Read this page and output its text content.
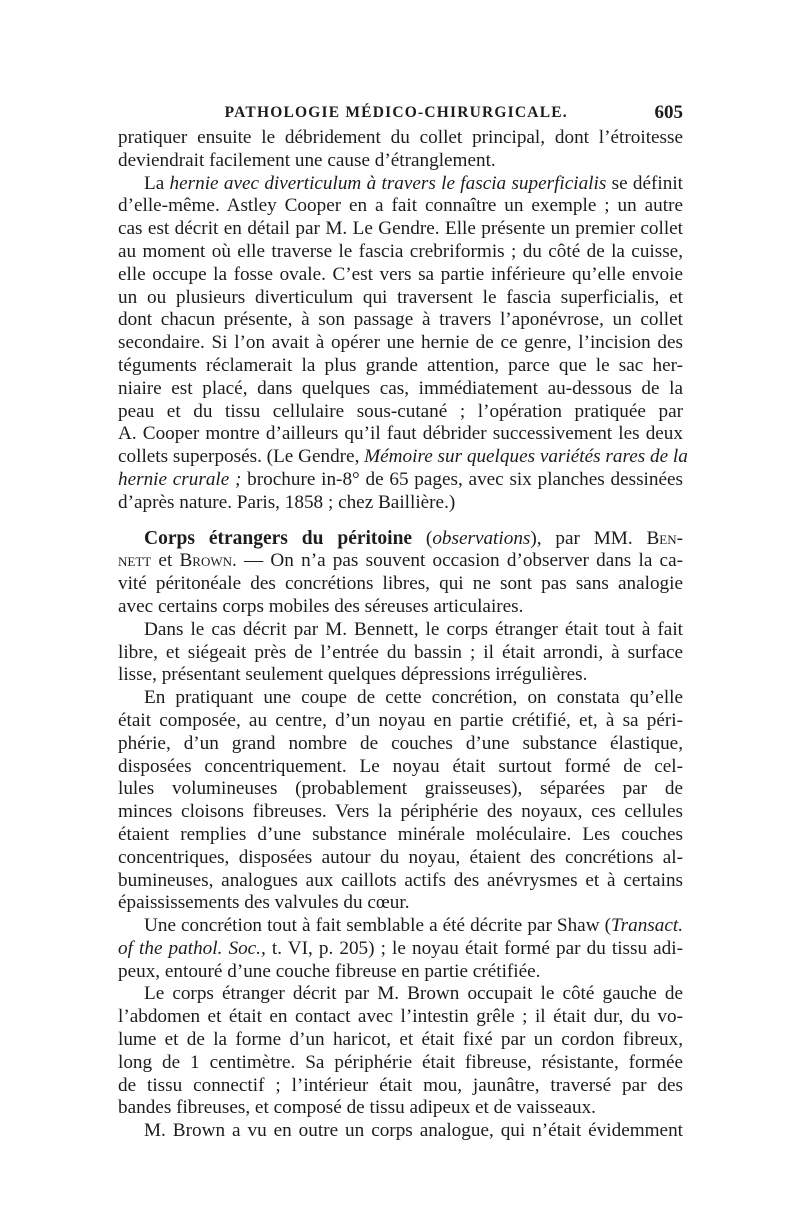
PATHOLOGIE MÉDICO-CHIRURGICALE.	605
pratiquer ensuite le débridement du collet principal, dont l’étroitesse
deviendrait facilement une cause d’étranglement.
La hernie avec diverticulum à travers le fascia superficialis se définit
d’elle-même. Astley Cooper en a fait connaître un exemple ; un autre
cas est décrit en détail par M. Le Gendre. Elle présente un premier collet
au moment où elle traverse le fascia crebriformis ; du côté de la cuisse,
elle occupe la fosse ovale. C’est vers sa partie inférieure qu’elle envoie
un ou plusieurs diverticulum qui traversent le fascia superficialis, et
dont chacun présente, à son passage à travers l’aponévrose, un collet
secondaire. Si l’on avait à opérer une hernie de ce genre, l’incision des
téguments réclamerait la plus grande attention, parce que le sac her-
niaire est placé, dans quelques cas, immédiatement au-dessous de la
peau et du tissu cellulaire sous-cutané ; l’opération pratiquée par
A. Cooper montre d’ailleurs qu’il faut débrider successivement les deux
collets superposés. (Le Gendre, Mémoire sur quelques variétés rares de la
hernie crurale ; brochure in-8° de 65 pages, avec six planches dessinées
d’après nature. Paris, 1858 ; chez Baillière.)
Corps étrangers du péritoine (observations), par MM. Ben-
nett et Brown. — On n’a pas souvent occasion d’observer dans la ca-
vité péritonéale des concrétions libres, qui ne sont pas sans analogie
avec certains corps mobiles des séreuses articulaires.
Dans le cas décrit par M. Bennett, le corps étranger était tout à fait
libre, et siégeait près de l’entrée du bassin ; il était arrondi, à surface
lisse, présentant seulement quelques dépressions irrégulières.
En pratiquant une coupe de cette concrétion, on constata qu’elle
était composée, au centre, d’un noyau en partie crétifié, et, à sa péri-
phérie, d’un grand nombre de couches d’une substance élastique,
disposées concentriquement. Le noyau était surtout formé de cel-
lules volumineuses (probablement graisseuses), séparées par de
minces cloisons fibreuses. Vers la périphérie des noyaux, ces cellules
étaient remplies d’une substance minérale moléculaire. Les couches
concentriques, disposées autour du noyau, étaient des concrétions al-
bumineuses, analogues aux caillots actifs des anévrysmes et à certains
épaississements des valvules du cœur.
Une concrétion tout à fait semblable a été décrite par Shaw (Transact.
of the pathol. Soc., t. VI, p. 205) ; le noyau était formé par du tissu adi-
peux, entouré d’une couche fibreuse en partie crétifiée.
Le corps étranger décrit par M. Brown occupait le côté gauche de
l’abdomen et était en contact avec l’intestin grêle ; il était dur, du vo-
lume et de la forme d’un haricot, et était fixé par un cordon fibreux,
long de 1 centimètre. Sa périphérie était fibreuse, résistante, formée
de tissu connectif ; l’intérieur était mou, jaunâtre, traversé par des
bandes fibreuses, et composé de tissu adipeux et de vaisseaux.
M. Brown a vu en outre un corps analogue, qui n’était évidemment
